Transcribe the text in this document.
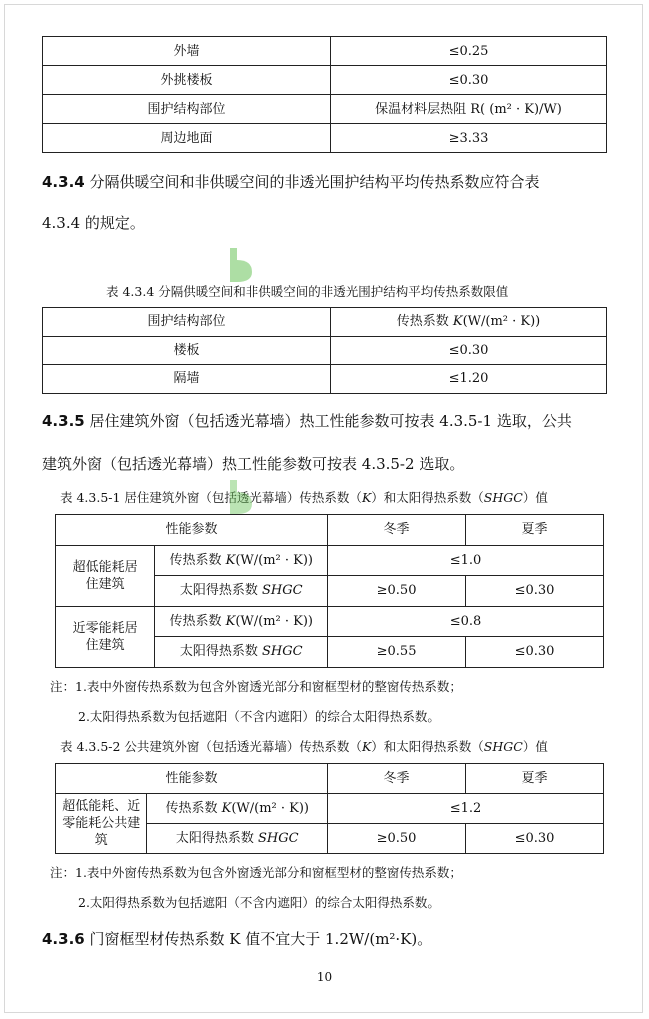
外墙	≤0.25
外挑楼板	≤0.30
围护结构部位	保温材料层热阻 R( (m² · K)/W)
周边地面	≥3.33
4.3.4 分隔供暖空间和非供暖空间的非透光围护结构平均传热系数应符合表
4.3.4 的规定。
表 4.3.4 分隔供暖空间和非供暖空间的非透光围护结构平均传热系数限值
围护结构部位	传热系数 K(W/(m² · K))
楼板	≤0.30
隔墙	≤1.20
4.3.5 居住建筑外窗（包括透光幕墙）热工性能参数可按表 4.3.5-1 选取，公共
建筑外窗（包括透光幕墙）热工性能参数可按表 4.3.5-2 选取。
表 4.3.5-1 居住建筑外窗（包括透光幕墙）传热系数（K）和太阳得热系数（SHGC）值
性能参数		冬季	夏季
超低能耗居住建筑	传热系数 K(W/(m² · K))	≤1.0	
	太阳得热系数 SHGC	≥0.50	≤0.30
近零能耗居住建筑	传热系数 K(W/(m² · K))	≤0.8	
	太阳得热系数 SHGC	≥0.55	≤0.30
注：1.表中外窗传热系数为包含外窗透光部分和窗框型材的整窗传热系数；
2.太阳得热系数为包括遮阳（不含内遮阳）的综合太阳得热系数。
表 4.3.5-2 公共建筑外窗（包括透光幕墙）传热系数（K）和太阳得热系数（SHGC）值
性能参数		冬季	夏季
超低能耗、近零能耗公共建筑	传热系数 K(W/(m² · K))	≤1.2	
	太阳得热系数 SHGC	≥0.50	≤0.30
注：1.表中外窗传热系数为包含外窗透光部分和窗框型材的整窗传热系数；
2.太阳得热系数为包括遮阳（不含内遮阳）的综合太阳得热系数。
4.3.6 门窗框型材传热系数 K 值不宜大于 1.2W/(m²·K)。
10
